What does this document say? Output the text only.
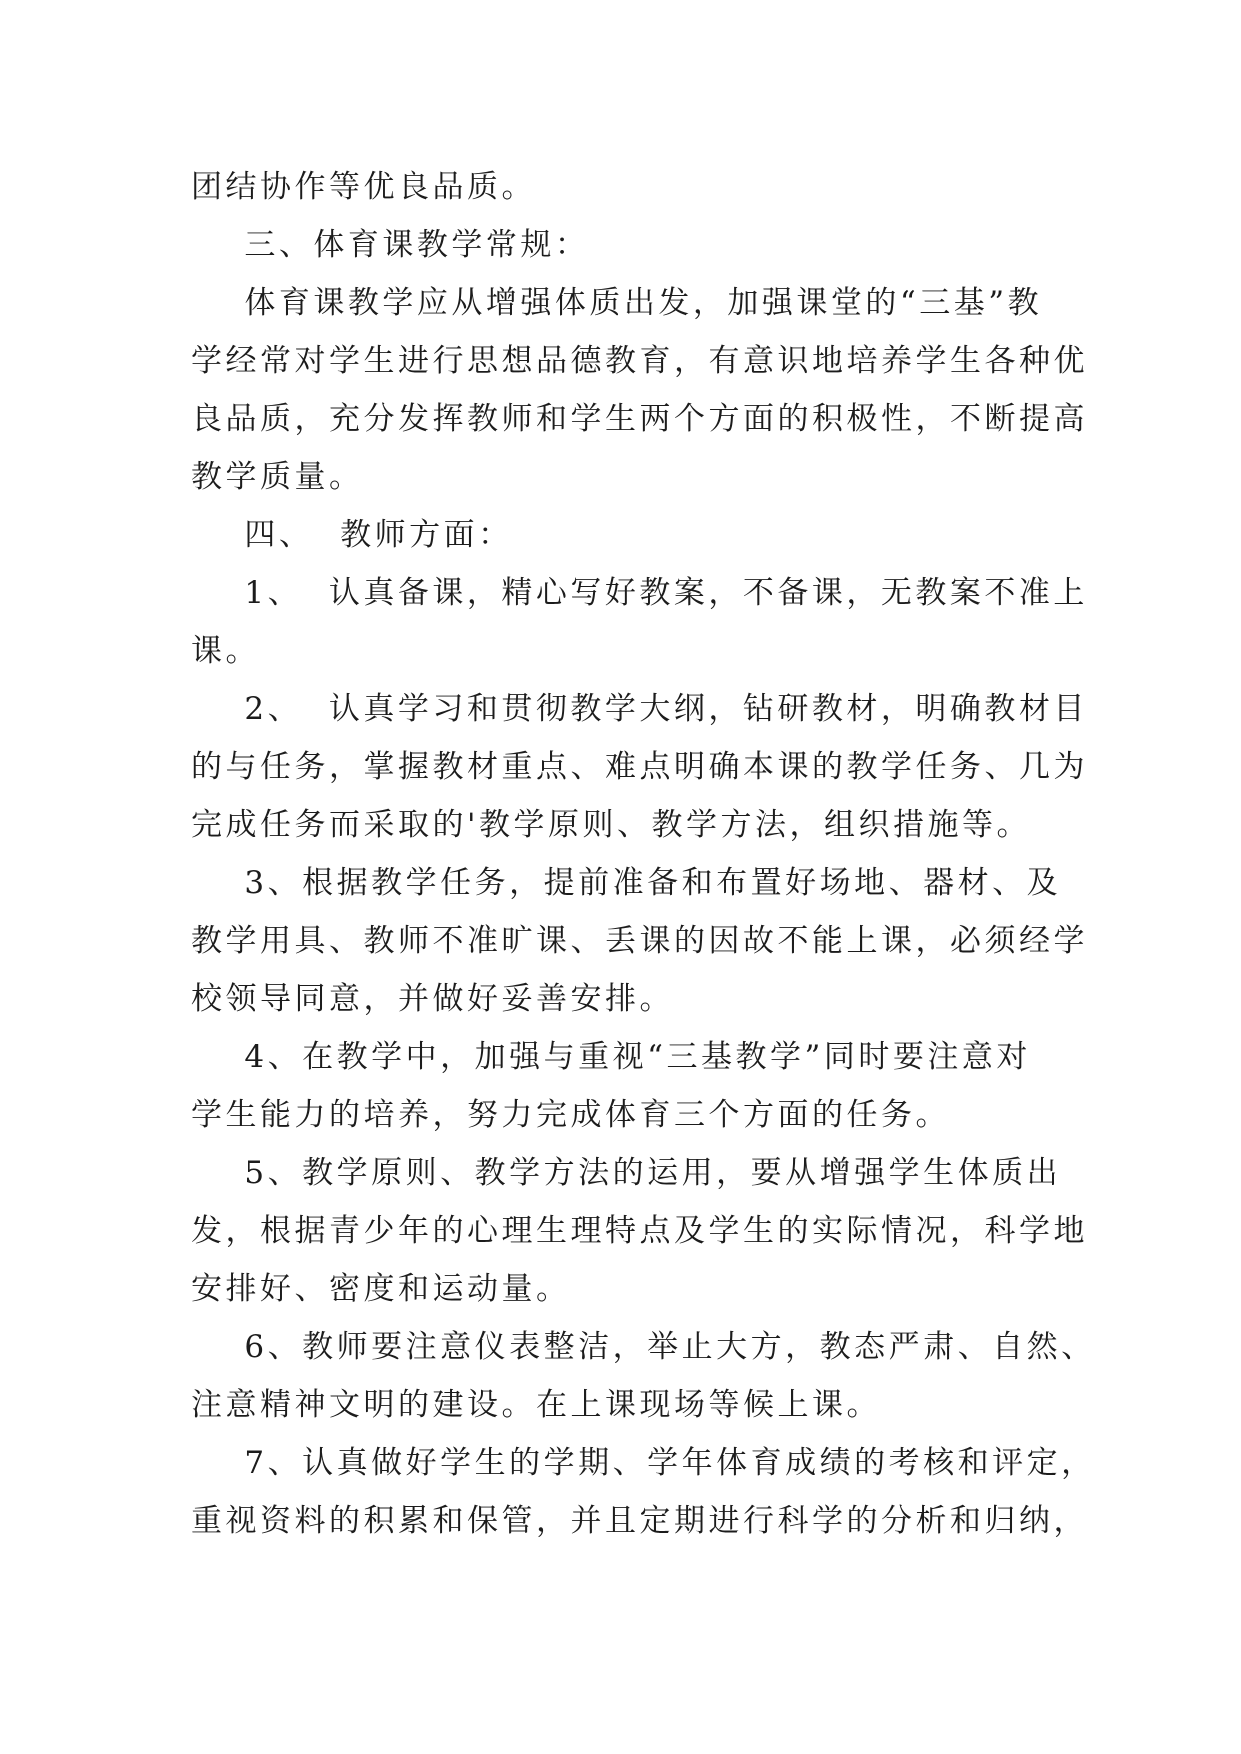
团结协作等优良品质。
三、体育课教学常规：
体育课教学应从增强体质出发，加强课堂的“三基”教
学经常对学生进行思想品德教育，有意识地培养学生各种优
良品质，充分发挥教师和学生两个方面的积极性，不断提高
教学质量。
四、  教师方面：
1、  认真备课，精心写好教案，不备课，无教案不准上
课。
2、  认真学习和贯彻教学大纲，钻研教材，明确教材目
的与任务，掌握教材重点、难点明确本课的教学任务、几为
完成任务而采取的'教学原则、教学方法，组织措施等。
3、根据教学任务，提前准备和布置好场地、器材、及
教学用具、教师不准旷课、丢课的因故不能上课，必须经学
校领导同意，并做好妥善安排。
4、在教学中，加强与重视“三基教学”同时要注意对
学生能力的培养，努力完成体育三个方面的任务。
5、教学原则、教学方法的运用，要从增强学生体质出
发，根据青少年的心理生理特点及学生的实际情况，科学地
安排好、密度和运动量。
6、教师要注意仪表整洁，举止大方，教态严肃、自然、
注意精神文明的建设。在上课现场等候上课。
7、认真做好学生的学期、学年体育成绩的考核和评定，
重视资料的积累和保管，并且定期进行科学的分析和归纳，
